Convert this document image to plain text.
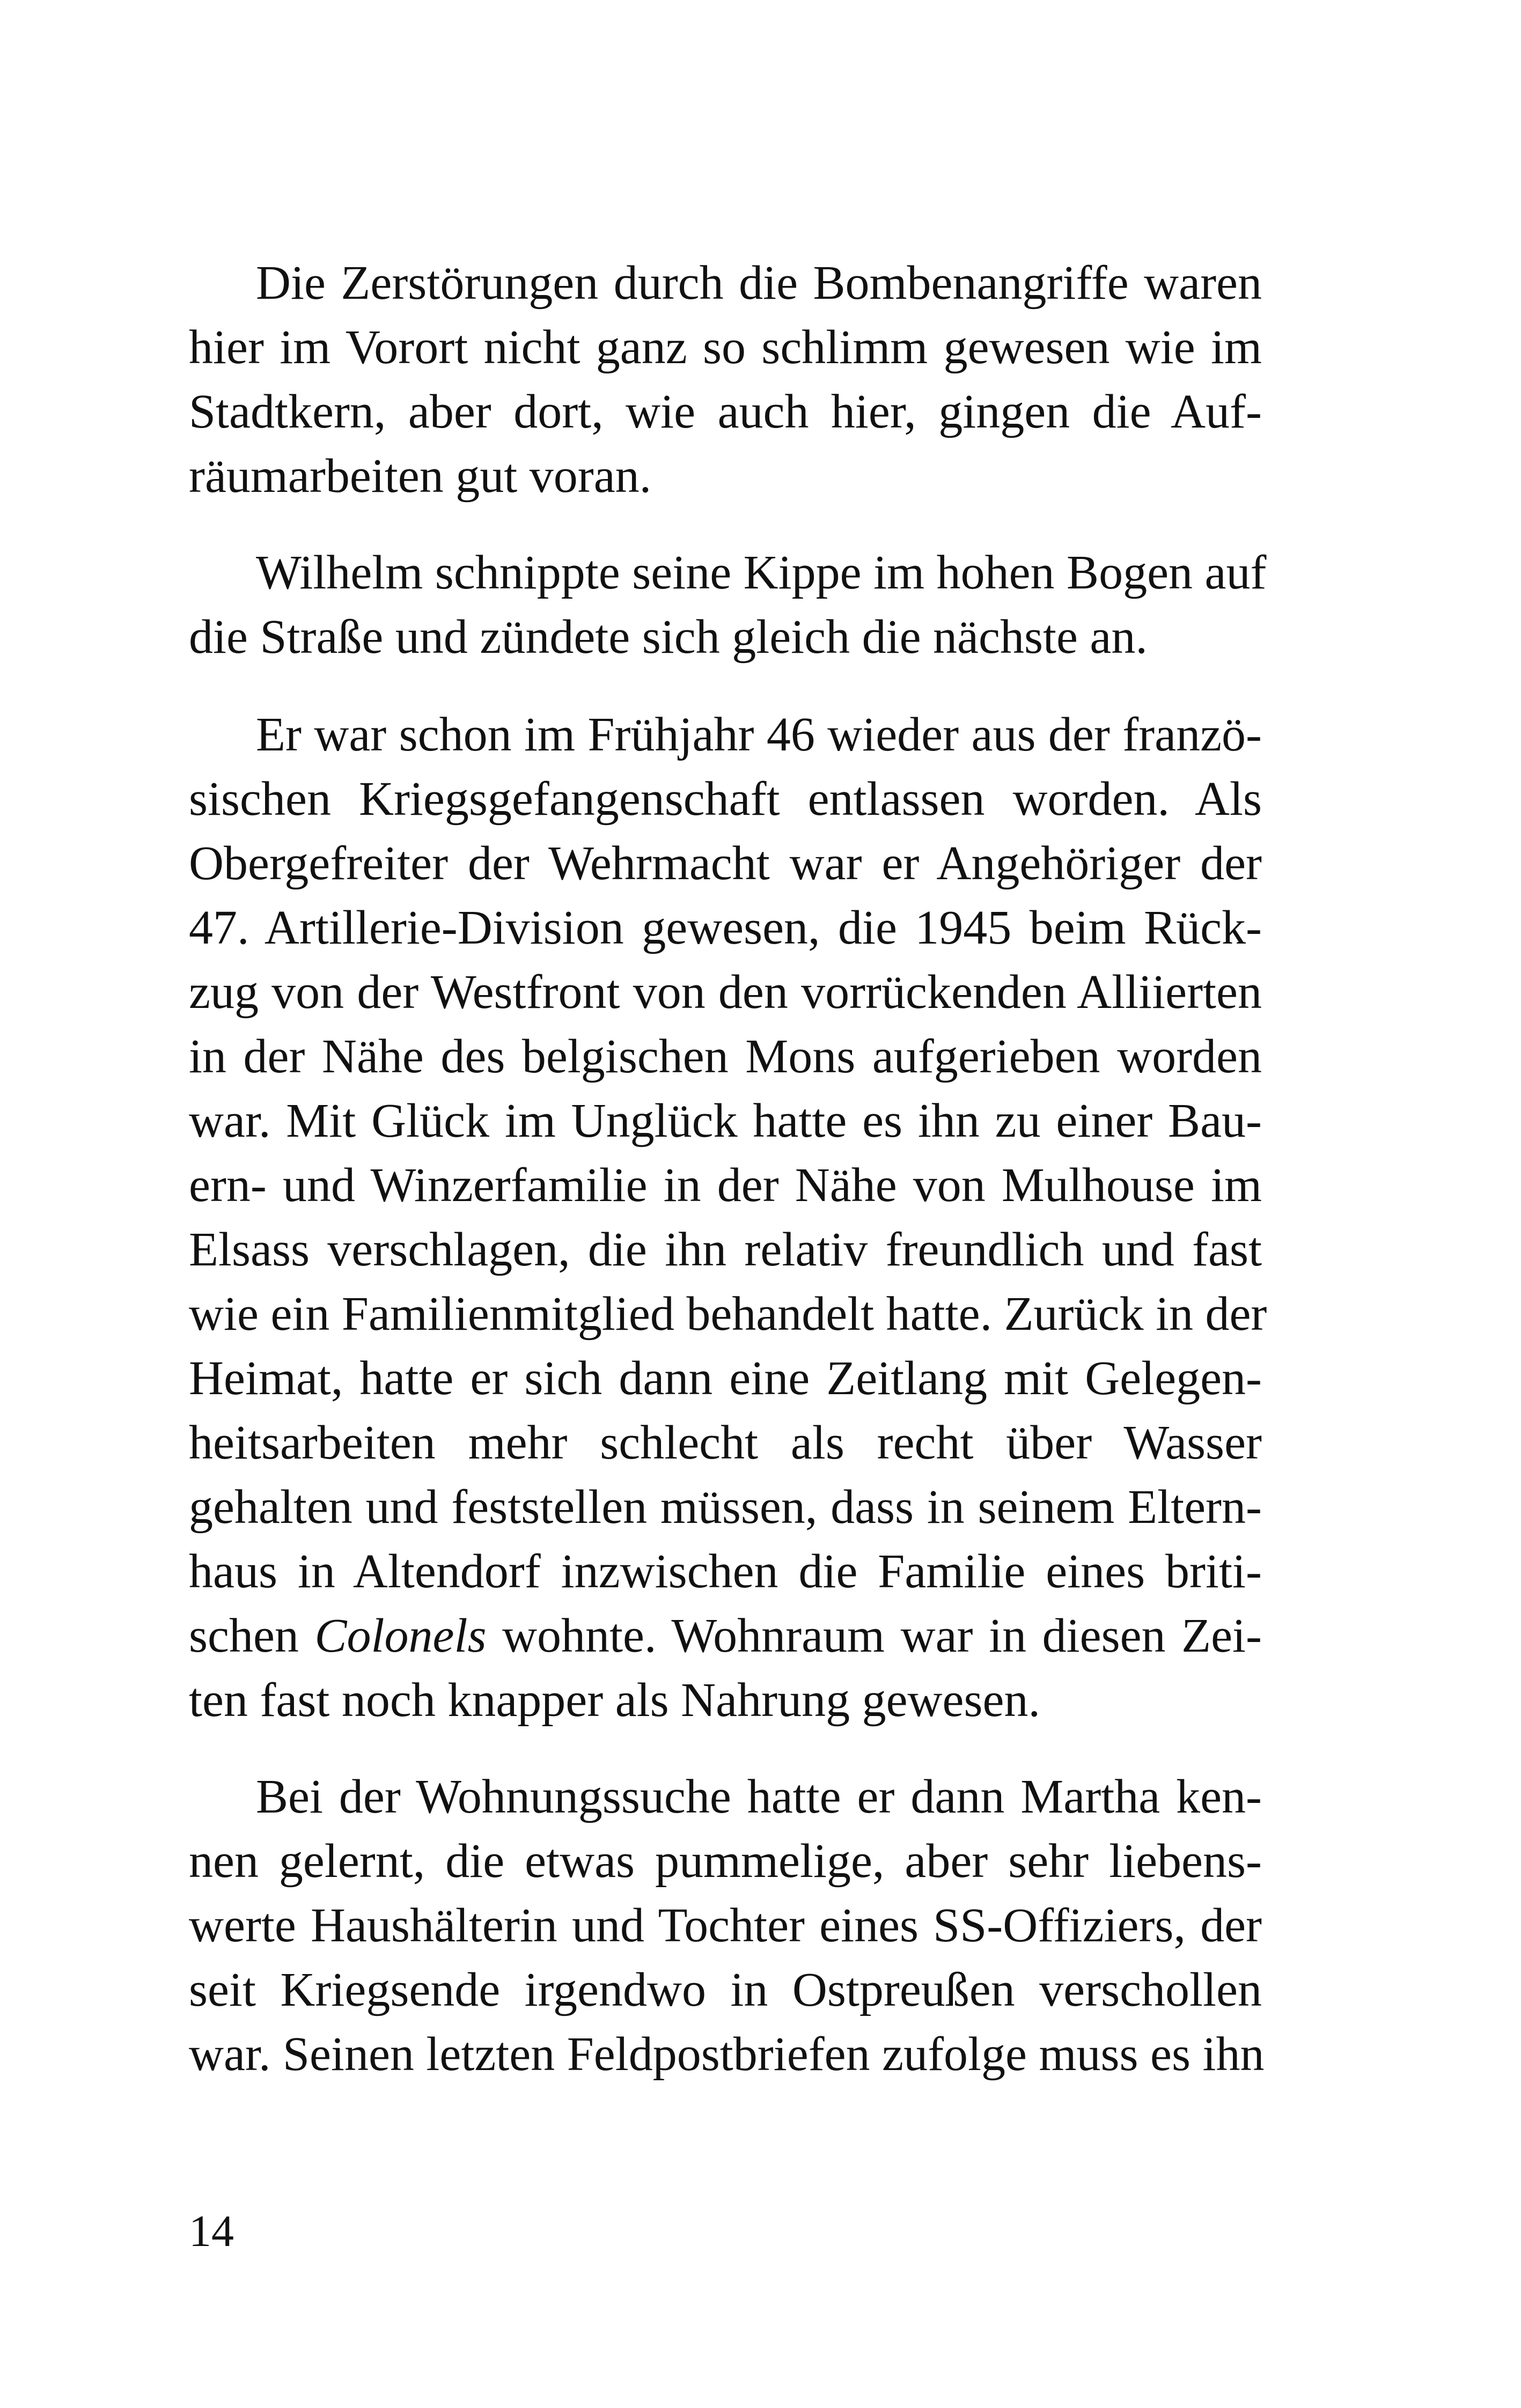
Die Zerstörungen durch die Bombenangriffe waren
hier im Vorort nicht ganz so schlimm gewesen wie im
Stadtkern, aber dort, wie auch hier, gingen die Auf-
räumarbeiten gut voran.
Wilhelm schnippte seine Kippe im hohen Bogen auf
die Straße und zündete sich gleich die nächste an.
Er war schon im Frühjahr 46 wieder aus der franzö-
sischen Kriegsgefangenschaft entlassen worden. Als
Obergefreiter der Wehrmacht war er Angehöriger der
47. Artillerie-Division gewesen, die 1945 beim Rück-
zug von der Westfront von den vorrückenden Alliierten
in der Nähe des belgischen Mons aufgerieben worden
war. Mit Glück im Unglück hatte es ihn zu einer Bau-
ern- und Winzerfamilie in der Nähe von Mulhouse im
Elsass verschlagen, die ihn relativ freundlich und fast
wie ein Familienmitglied behandelt hatte. Zurück in der
Heimat, hatte er sich dann eine Zeitlang mit Gelegen-
heitsarbeiten mehr schlecht als recht über Wasser
gehalten und feststellen müssen, dass in seinem Eltern-
haus in Altendorf inzwischen die Familie eines briti-
schen Colonels wohnte. Wohnraum war in diesen Zei-
ten fast noch knapper als Nahrung gewesen.
Bei der Wohnungssuche hatte er dann Martha ken-
nen gelernt, die etwas pummelige, aber sehr liebens-
werte Haushälterin und Tochter eines SS-Offiziers, der
seit Kriegsende irgendwo in Ostpreußen verschollen
war. Seinen letzten Feldpostbriefen zufolge muss es ihn
14
